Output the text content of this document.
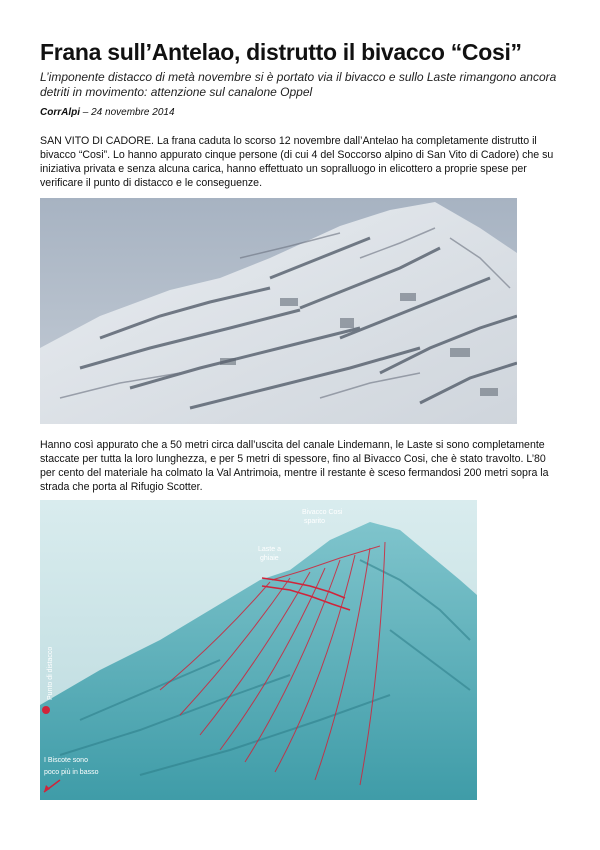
Frana sull’Antelao, distrutto il bivacco “Cosi”

L’imponente distacco di metà novembre si è portato via il bivacco e sullo Laste rimangono ancora detriti in movimento: attenzione sul canalone Oppel

CorrAlpi – 24 novembre 2014

SAN VITO DI CADORE. La frana caduta lo scorso 12 novembre dall’Antelao ha completamente distrutto il bivacco “Cosi”. Lo hanno appurato cinque persone (di cui 4 del Soccorso alpino di San Vito di Cadore) che su iniziativa privata e senza alcuna carica, hanno effettuato un sopralluogo in elicottero a proprie spese per verificare il punto di distacco e le conseguenze.

Hanno così appurato che a 50 metri circa dall’uscita del canale Lindemann, le Laste si sono completamente staccate per tutta la loro lunghezza, e per 5 metri di spessore, fino al Bivacco Cosi, che è stato travolto. L’80 per cento del materiale ha colmato la Val Antrimoia, mentre il restante è sceso fermandosi 200 metri sopra la strada che porta al Rifugio Scotter.

Bivacco Cosi
sparito
Laste a
ghiaie
I Biscote sono
poco più in basso
Punto di distacco
